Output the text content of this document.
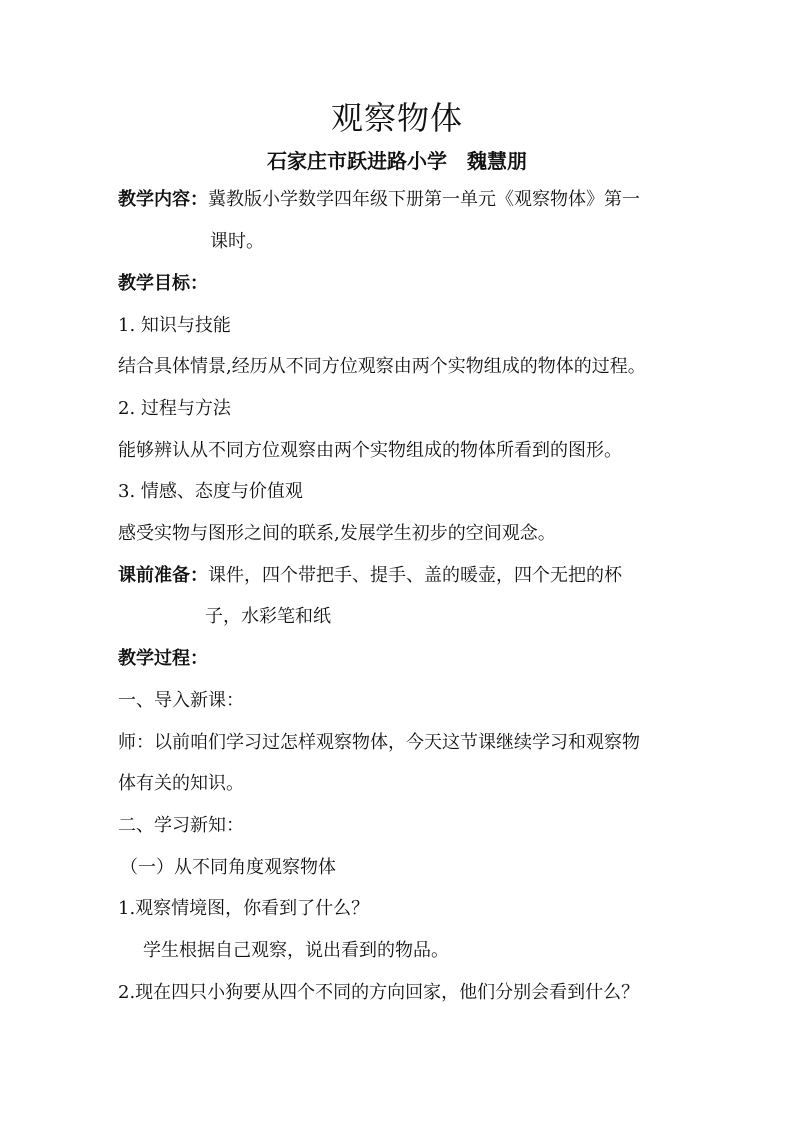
观察物体
石家庄市跃进路小学　魏慧朋
教学内容：冀教版小学数学四年级下册第一单元《观察物体》第一
课时。
教学目标：
1. 知识与技能
结合具体情景,经历从不同方位观察由两个实物组成的物体的过程。
2. 过程与方法
能够辨认从不同方位观察由两个实物组成的物体所看到的图形。
3. 情感、态度与价值观
感受实物与图形之间的联系,发展学生初步的空间观念。
课前准备：课件，四个带把手、提手、盖的暖壶，四个无把的杯
子，水彩笔和纸
教学过程：
一、导入新课：
师：以前咱们学习过怎样观察物体，今天这节课继续学习和观察物
体有关的知识。
二、学习新知：
（一）从不同角度观察物体
1.观察情境图，你看到了什么？
学生根据自己观察，说出看到的物品。
2.现在四只小狗要从四个不同的方向回家，他们分别会看到什么？
